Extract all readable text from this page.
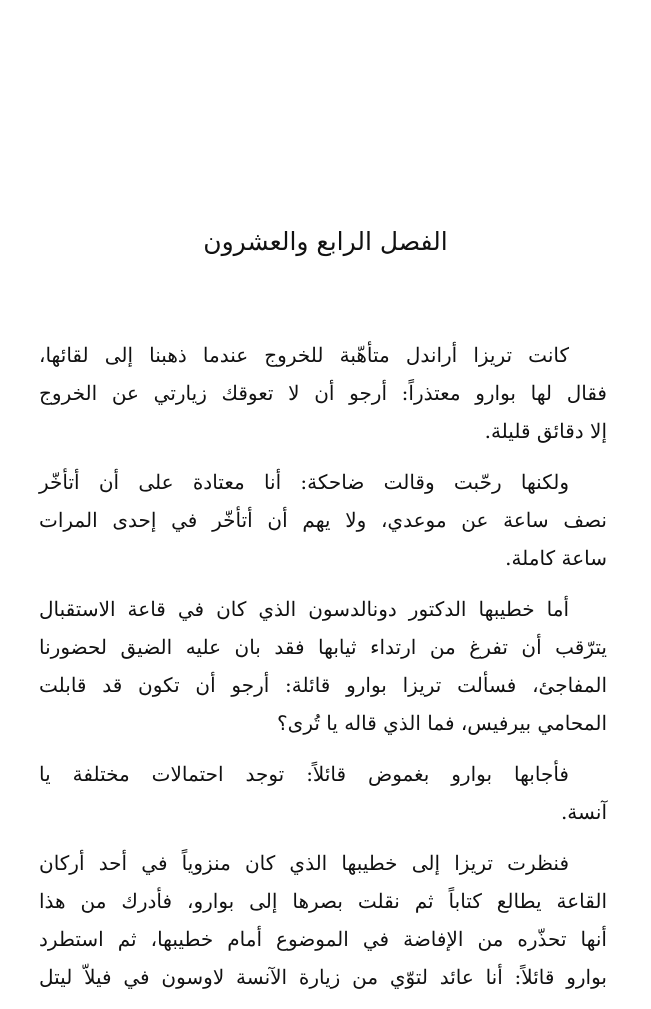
الفصل الرابع والعشرون

كانت تريزا أراندل متأهّبة للخروج عندما ذهبنا إلى لقائها،
فقال لها بوارو معتذراً: أرجو أن لا تعوقك زيارتي عن الخروج
إلا دقائق قليلة.

ولكنها رحّبت وقالت ضاحكة: أنا معتادة على أن أتأخّر
نصف ساعة عن موعدي، ولا يهم أن أتأخّر في إحدى المرات
ساعة كاملة.

أما خطيبها الدكتور دونالدسون الذي كان في قاعة الاستقبال
يترّقب أن تفرغ من ارتداء ثيابها فقد بان عليه الضيق لحضورنا
المفاجئ، فسألت تريزا بوارو قائلة: أرجو أن تكون قد قابلت
المحامي بيرفيس، فما الذي قاله يا تُرى؟

فأجابها بوارو بغموض قائلاً: توجد احتمالات مختلفة يا
آنسة.

فنظرت تريزا إلى خطيبها الذي كان منزوياً في أحد أركان
القاعة يطالع كتاباً ثم نقلت بصرها إلى بوارو، فأدرك من هذا
أنها تحذّره من الإفاضة في الموضوع أمام خطيبها، ثم استطرد
بوارو قائلاً: أنا عائد لتوّي من زيارة الآنسة لاوسون في فيلاّ ليتل
